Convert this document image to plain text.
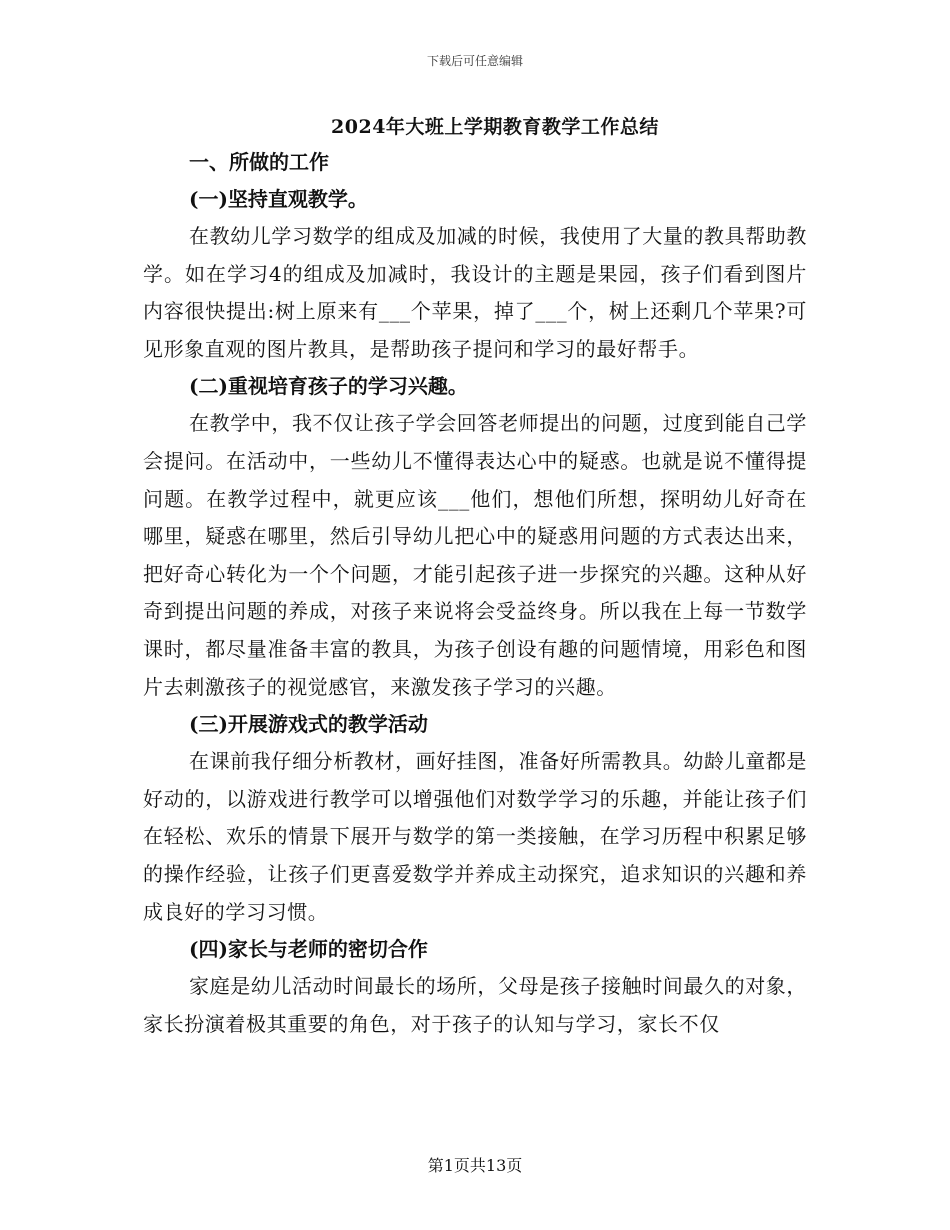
下载后可任意编辑
2024年大班上学期教育教学工作总结

一、所做的工作

(一)坚持直观教学。

在教幼儿学习数学的组成及加减的时候，我使用了大量的教具帮助教学。如在学习4的组成及加减时，我设计的主题是果园，孩子们看到图片内容很快提出:树上原来有___个苹果，掉了___个，树上还剩几个苹果?可见形象直观的图片教具，是帮助孩子提问和学习的最好帮手。

(二)重视培育孩子的学习兴趣。

在教学中，我不仅让孩子学会回答老师提出的问题，过度到能自己学会提问。在活动中，一些幼儿不懂得表达心中的疑惑。也就是说不懂得提问题。在教学过程中，就更应该___他们，想他们所想，探明幼儿好奇在哪里，疑惑在哪里，然后引导幼儿把心中的疑惑用问题的方式表达出来，把好奇心转化为一个个问题，才能引起孩子进一步探究的兴趣。这种从好奇到提出问题的养成，对孩子来说将会受益终身。所以我在上每一节数学课时，都尽量准备丰富的教具，为孩子创设有趣的问题情境，用彩色和图片去刺激孩子的视觉感官，来激发孩子学习的兴趣。

(三)开展游戏式的教学活动

在课前我仔细分析教材，画好挂图，准备好所需教具。幼龄儿童都是好动的，以游戏进行教学可以增强他们对数学学习的乐趣，并能让孩子们在轻松、欢乐的情景下展开与数学的第一类接触，在学习历程中积累足够的操作经验，让孩子们更喜爱数学并养成主动探究，追求知识的兴趣和养成良好的学习习惯。

(四)家长与老师的密切合作

家庭是幼儿活动时间最长的场所，父母是孩子接触时间最久的对象，家长扮演着极其重要的角色，对于孩子的认知与学习，家长不仅

第1页共13页
